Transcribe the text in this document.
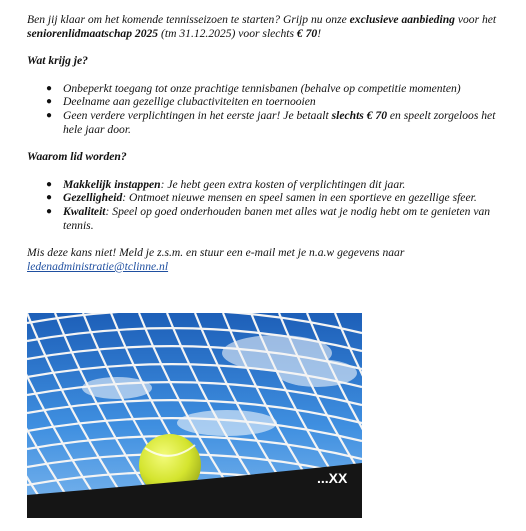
Ben jij klaar om het komende tennisseizoen te starten? Grijp nu onze exclusieve aanbieding voor het seniorenlidmaatschap 2025 (tm 31.12.2025) voor slechts € 70!

Wat krijg je?

● Onbeperkt toegang tot onze prachtige tennisbanen (behalve op competitie momenten)
● Deelname aan gezellige clubactiviteiten en toernooien
● Geen verdere verplichtingen in het eerste jaar! Je betaalt slechts € 70 en speelt zorgeloos het hele jaar door.

Waarom lid worden?

● Makkelijk instappen: Je hebt geen extra kosten of verplichtingen dit jaar.
● Gezelligheid: Ontmoet nieuwe mensen en speel samen in een sportieve en gezellige sfeer.
● Kwaliteit: Speel op goed onderhouden banen met alles wat je nodig hebt om te genieten van tennis.

Mis deze kans niet! Meld je z.s.m. en stuur een e-mail met je n.a.w gegevens naar ledenadministratie@tclinne.nl

...XX
